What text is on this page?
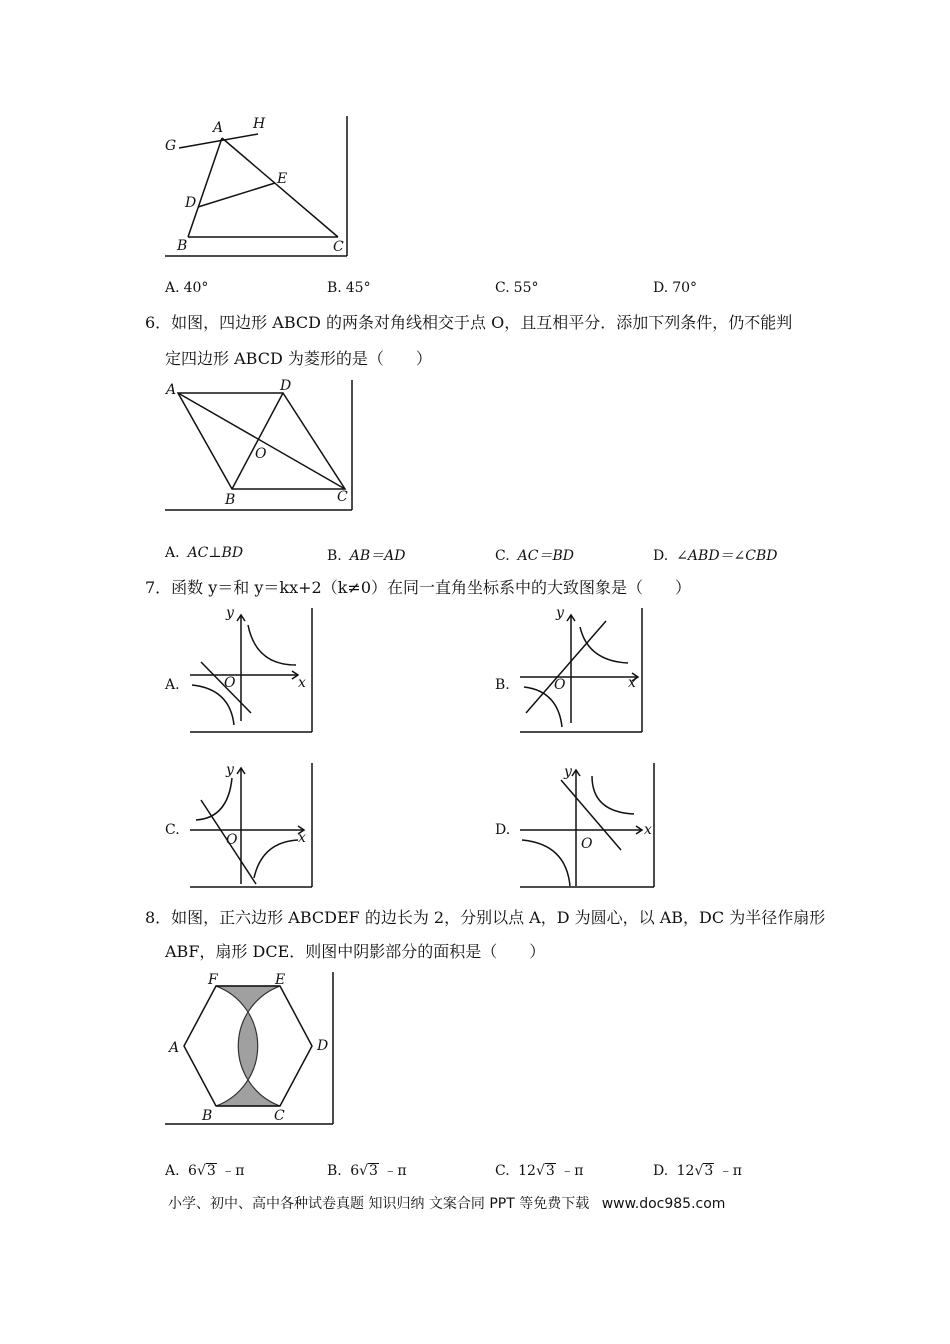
G
A H
D
E
B	C
A. 40°	B. 45°	C. 55°	D. 70°
6．如图，四边形 ABCD 的两条对角线相交于点 O，且互相平分．添加下列条件，仍不能判
定四边形 ABCD 为菱形的是（　　）
A	D
O
B	C
A. AC⊥BD	B. AB＝AD	C. AC＝BD	D. ∠ABD＝∠CBD
7．函数 y＝和 y＝kx+2（k≠0）在同一直角坐标系中的大致图象是（　　）
A.
y
x
O	B.
y
x
O
C.
y
x
O
D.
y
x
O
8．如图，正六边形 ABCDEF 的边长为 2，分别以点 A，D 为圆心，以 AB，DC 为半径作扇形
ABF，扇形 DCE．则图中阴影部分的面积是（　　）
A
B	C
D
E
F
A. 6√3 ﹣π	B. 6√3 ﹣π	C. 12√3 ﹣π	D. 12√3 ﹣π
小学、初中、高中各种试卷真题 知识归纳 文案合同 PPT 等免费下载 www.doc985.com
